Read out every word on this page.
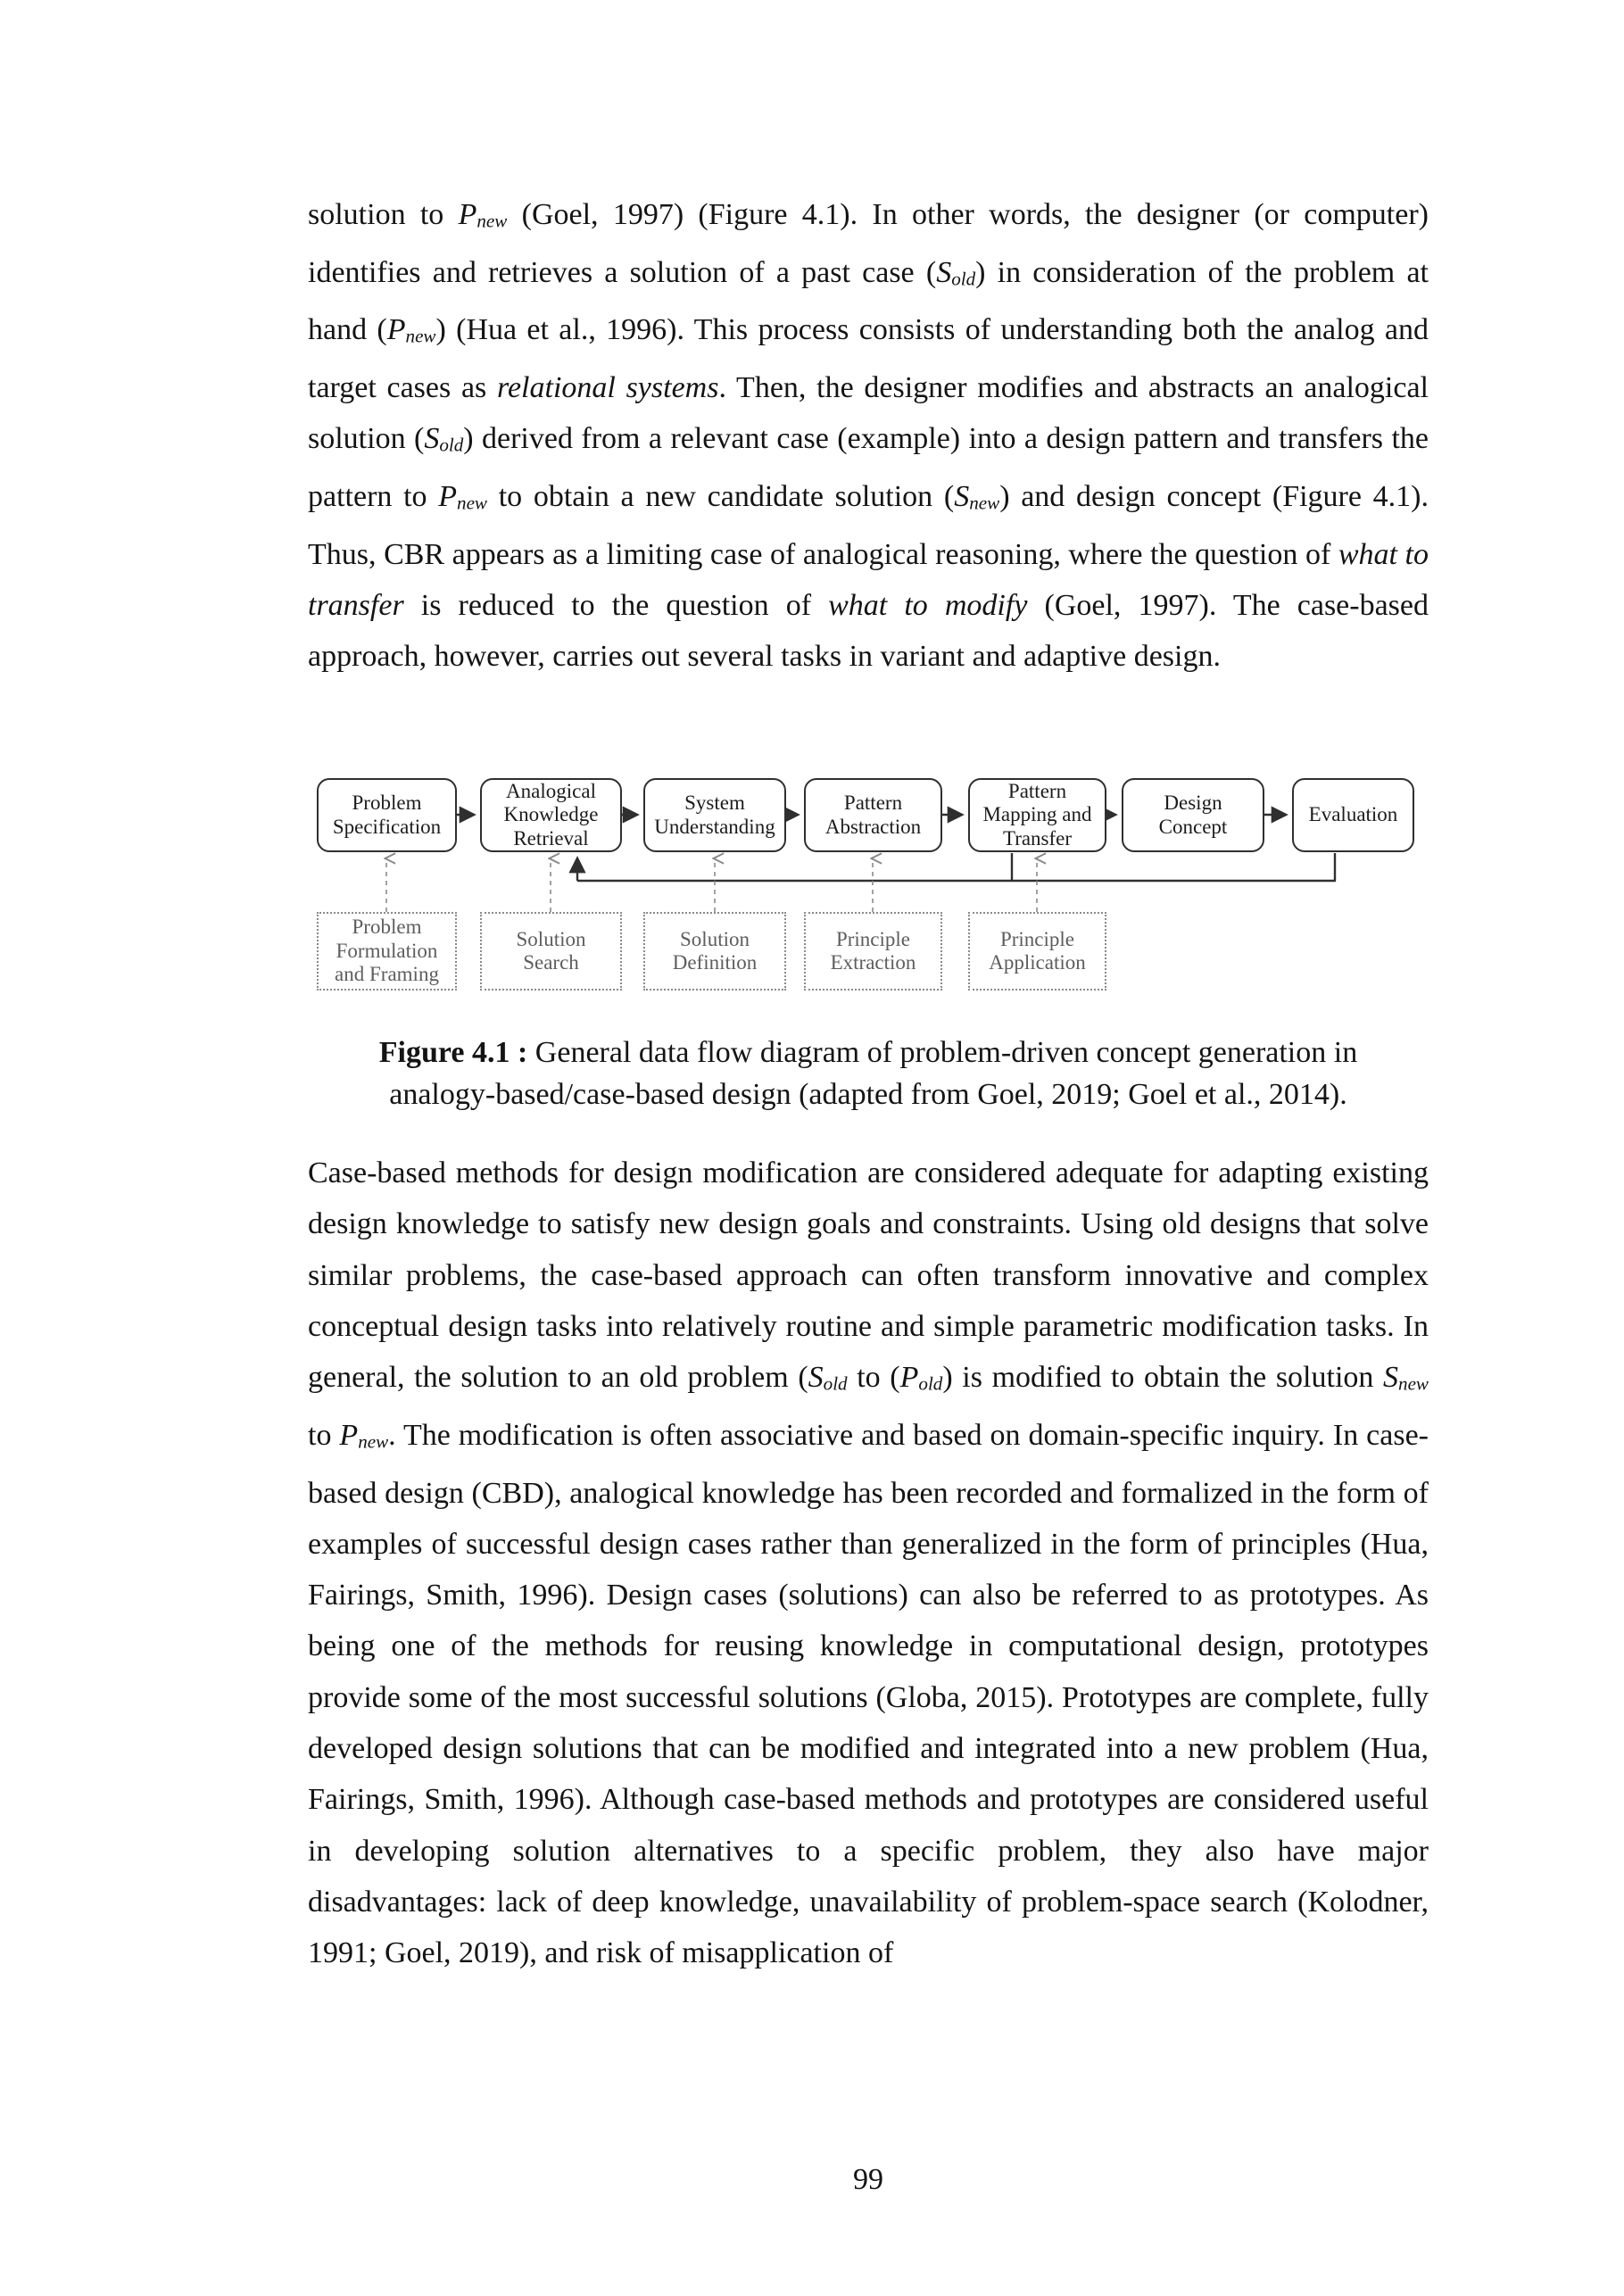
solution to Pnew (Goel, 1997) (Figure 4.1). In other words, the designer (or computer) identifies and retrieves a solution of a past case (Sold) in consideration of the problem at hand (Pnew) (Hua et al., 1996). This process consists of understanding both the analog and target cases as relational systems. Then, the designer modifies and abstracts an analogical solution (Sold) derived from a relevant case (example) into a design pattern and transfers the pattern to Pnew to obtain a new candidate solution (Snew) and design concept (Figure 4.1). Thus, CBR appears as a limiting case of analogical reasoning, where the question of what to transfer is reduced to the question of what to modify (Goel, 1997). The case-based approach, however, carries out several tasks in variant and adaptive design.

Problem Specification
Analogical Knowledge Retrieval
System Understanding
Pattern Abstraction
Pattern Mapping and Transfer
Design Concept
Evaluation
Problem Formulation and Framing
Solution Search
Solution Definition
Principle Extraction
Principle Application

Figure 4.1 : General data flow diagram of problem-driven concept generation in analogy-based/case-based design (adapted from Goel, 2019; Goel et al., 2014).

Case-based methods for design modification are considered adequate for adapting existing design knowledge to satisfy new design goals and constraints. Using old designs that solve similar problems, the case-based approach can often transform innovative and complex conceptual design tasks into relatively routine and simple parametric modification tasks. In general, the solution to an old problem (Sold to (Pold) is modified to obtain the solution Snew to Pnew. The modification is often associative and based on domain-specific inquiry. In case-based design (CBD), analogical knowledge has been recorded and formalized in the form of examples of successful design cases rather than generalized in the form of principles (Hua, Fairings, Smith, 1996). Design cases (solutions) can also be referred to as prototypes. As being one of the methods for reusing knowledge in computational design, prototypes provide some of the most successful solutions (Globa, 2015). Prototypes are complete, fully developed design solutions that can be modified and integrated into a new problem (Hua, Fairings, Smith, 1996). Although case-based methods and prototypes are considered useful in developing solution alternatives to a specific problem, they also have major disadvantages: lack of deep knowledge, unavailability of problem-space search (Kolodner, 1991; Goel, 2019), and risk of misapplication of

99
